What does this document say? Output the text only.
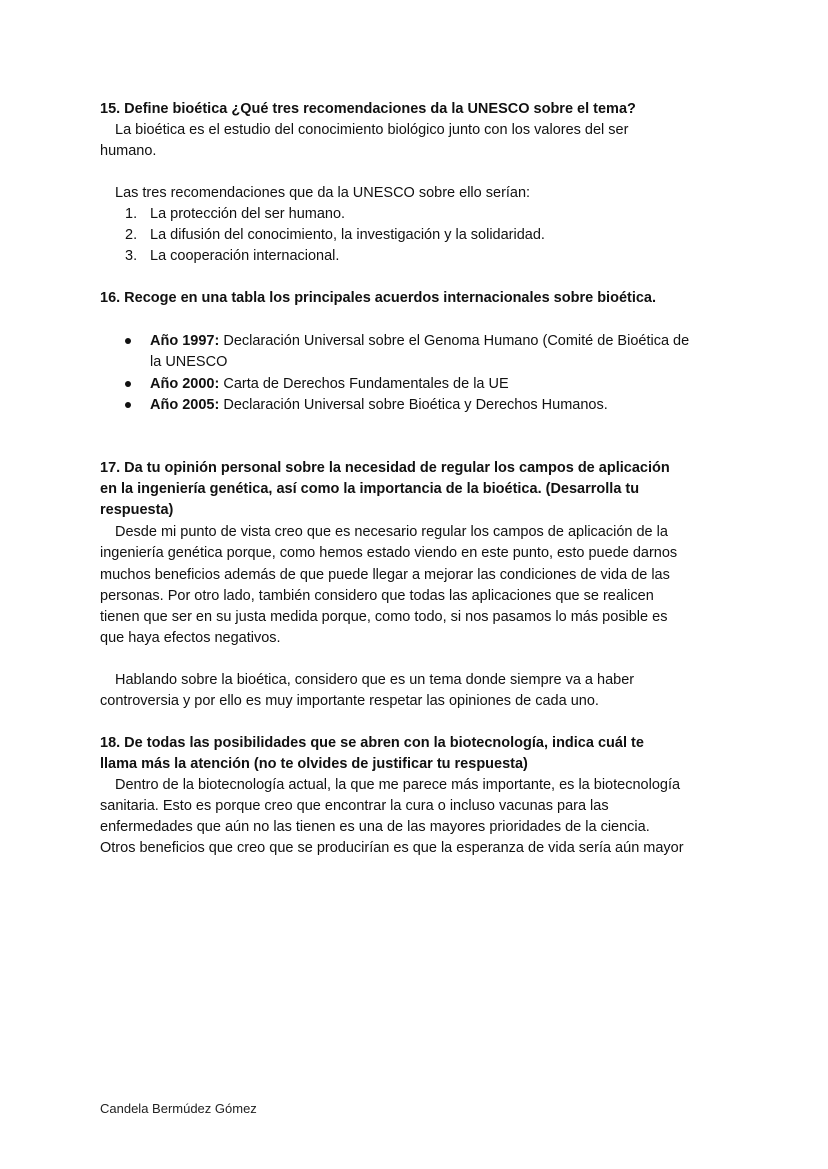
15. Define bioética ¿Qué tres recomendaciones da la UNESCO sobre el tema?
La bioética es el estudio del conocimiento biológico junto con los valores del ser
humano.
Las tres recomendaciones que da la UNESCO sobre ello serían:
1. La protección del ser humano.
2. La difusión del conocimiento, la investigación y la solidaridad.
3. La cooperación internacional.
16. Recoge en una tabla los principales acuerdos internacionales sobre bioética.
Año 1997: Declaración Universal sobre el Genoma Humano (Comité de Bioética de
la UNESCO
Año 2000: Carta de Derechos Fundamentales de la UE
Año 2005: Declaración Universal sobre Bioética y Derechos Humanos.
17. Da tu opinión personal sobre la necesidad de regular los campos de aplicación
en la ingeniería genética, así como la importancia de la bioética. (Desarrolla tu
respuesta)
Desde mi punto de vista creo que es necesario regular los campos de aplicación de la
ingeniería genética porque, como hemos estado viendo en este punto, esto puede darnos
muchos beneficios además de que puede llegar a mejorar las condiciones de vida de las
personas. Por otro lado, también considero que todas las aplicaciones que se realicen
tienen que ser en su justa medida porque, como todo, si nos pasamos lo más posible es
que haya efectos negativos.
Hablando sobre la bioética, considero que es un tema donde siempre va a haber
controversia y por ello es muy importante respetar las opiniones de cada uno.
18. De todas las posibilidades que se abren con la biotecnología, indica cuál te
llama más la atención (no te olvides de justificar tu respuesta)
Dentro de la biotecnología actual, la que me parece más importante, es la biotecnología
sanitaria. Esto es porque creo que encontrar la cura o incluso vacunas para las
enfermedades que aún no las tienen es una de las mayores prioridades de la ciencia.
Otros beneficios que creo que se producirían es que la esperanza de vida sería aún mayor
Candela Bermúdez Gómez
